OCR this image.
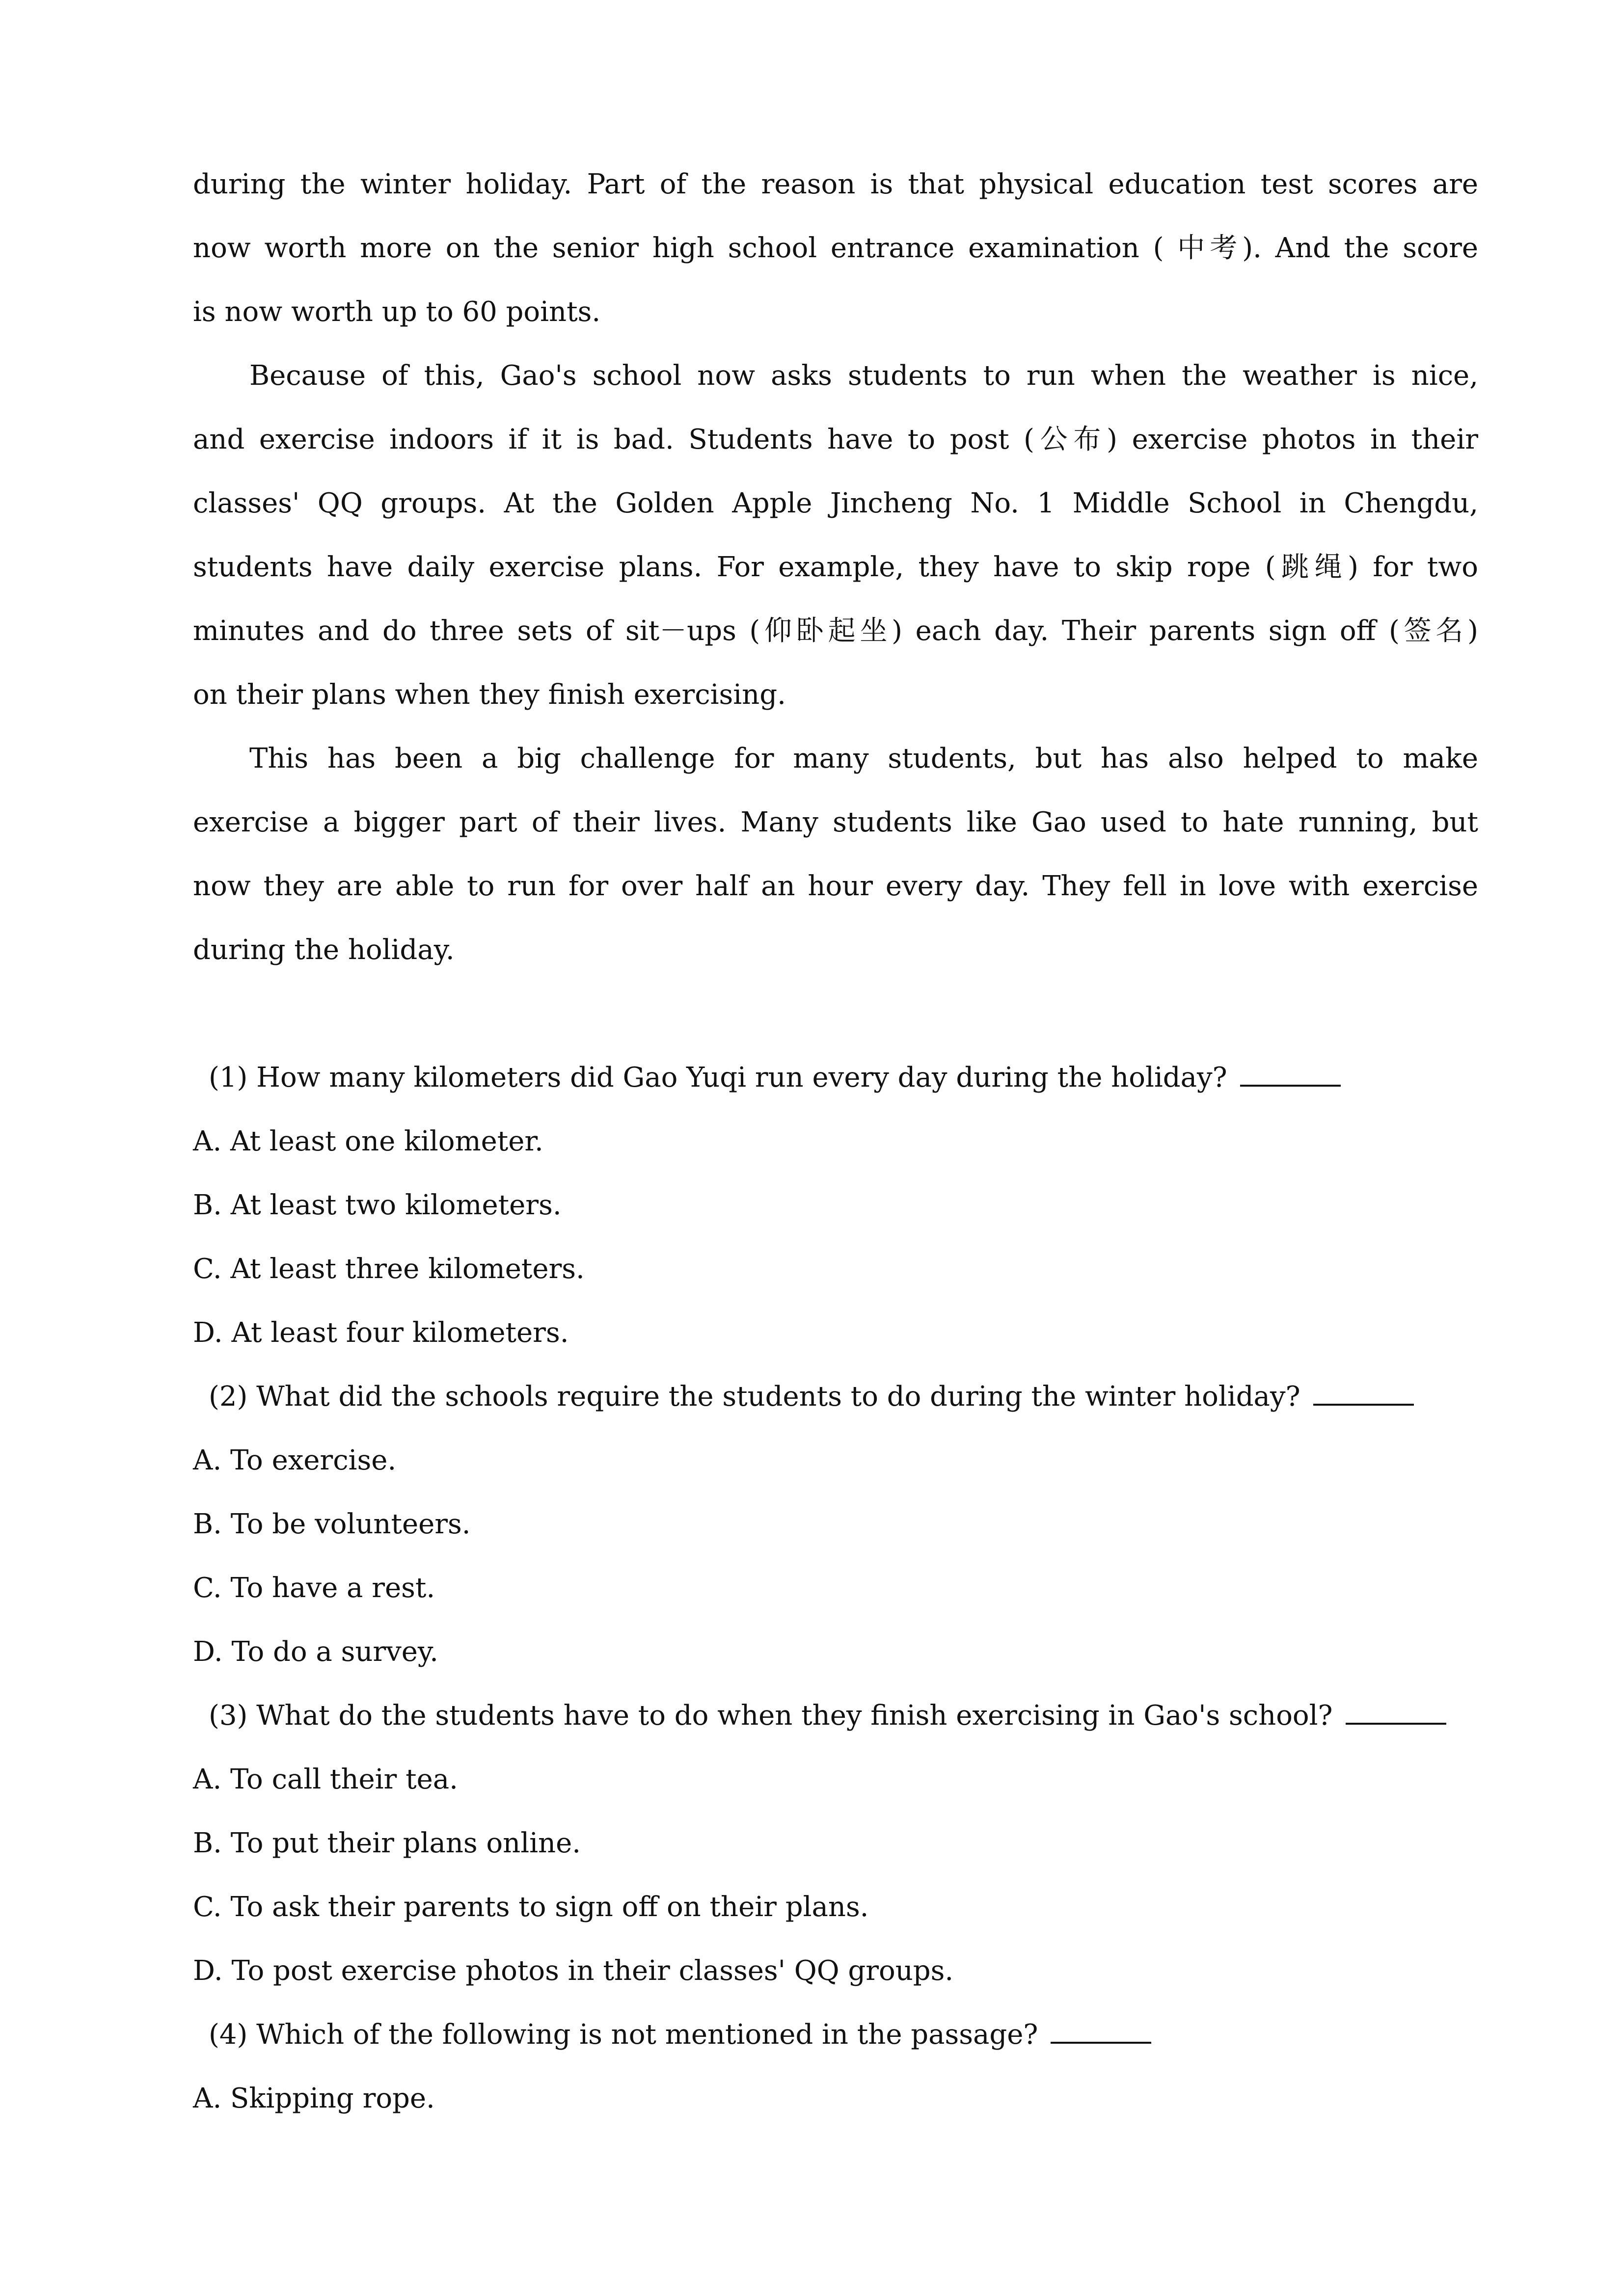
during the winter holiday. Part of the reason is that physical education test scores are
now worth more on the senior high school entrance examination ( 中考). And the score
is now worth up to 60 points.
Because of this, Gao's school now asks students to run when the weather is nice,
and exercise indoors if it is bad. Students have to post (公布) exercise photos in their
classes' QQ groups. At the Golden Apple Jincheng No. 1 Middle School in Chengdu,
students have daily exercise plans. For example, they have to skip rope (跳绳) for two
minutes and do three sets of sit－ups (仰卧起坐) each day. Their parents sign off (签名)
on their plans when they finish exercising.
This has been a big challenge for many students, but has also helped to make
exercise a bigger part of their lives. Many students like Gao used to hate running, but
now they are able to run for over half an hour every day. They fell in love with exercise
during the holiday.
(1) How many kilometers did Gao Yuqi run every day during the holiday?
A. At least one kilometer.
B. At least two kilometers.
C. At least three kilometers.
D. At least four kilometers.
(2) What did the schools require the students to do during the winter holiday?
A. To exercise.
B. To be volunteers.
C. To have a rest.
D. To do a survey.
(3) What do the students have to do when they finish exercising in Gao's school?
A. To call their tea.
B. To put their plans online.
C. To ask their parents to sign off on their plans.
D. To post exercise photos in their classes' QQ groups.
(4) Which of the following is not mentioned in the passage?
A. Skipping rope.
